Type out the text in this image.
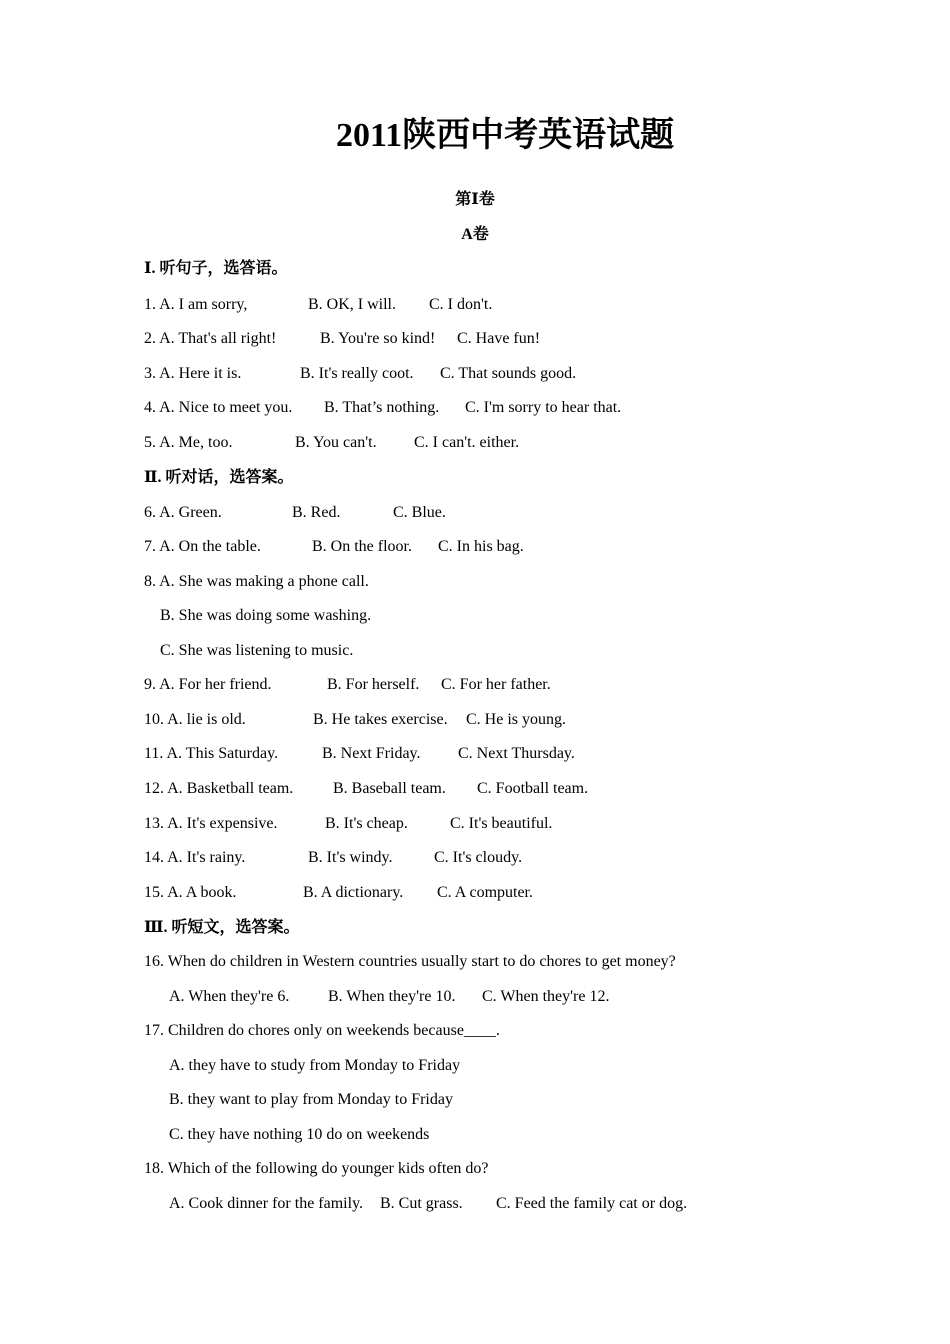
2011陕西中考英语试题
第Ⅰ卷
A卷
Ⅰ. 听句子，选答语。
1. A. I am sorry,	B. OK, I will. C. I don't.
2. A. That's all right!	B. You're so kind! C. Have fun!
3. A. Here it is.	B. It's really coot. C. That sounds good.
4. A. Nice to meet you. B. That’s nothing. C. I'm sorry to hear that.
5. A. Me, too.	B. You can't. C. I can't. either.
Ⅱ. 听对话，选答案。
6. A. Green.	B. Red.	C. Blue.
7. A. On the table.	B. On the floor. C. In his bag.
8. A. She was making a phone call.
B. She was doing some washing.
C. She was listening to music.
9. A. For her friend.	B. For herself. C. For her father.
10. A. lie is old.	B. He takes exercise. C. He is young.
11. A. This Saturday.	B. Next Friday. C. Next Thursday.
12. A. Basketball team. B. Baseball team. C. Football team.
13. A. It's expensive.	B. It's cheap.	C. It's beautiful.
14. A. It's rainy.	B. It's windy.	C. It's cloudy.
15. A. A book.	B. A dictionary. C. A computer.
Ⅲ. 听短文，选答案。
16. When do children in Western countries usually start to do chores to get money?
A. When they're 6. B. When they're 10. C. When they're 12.
17. Children do chores only on weekends because____.
A. they have to study from Monday to Friday
B. they want to play from Monday to Friday
C. they have nothing 10 do on weekends
18. Which of the following do younger kids often do?
A. Cook dinner for the family. B. Cut grass. C. Feed the family cat or dog.
